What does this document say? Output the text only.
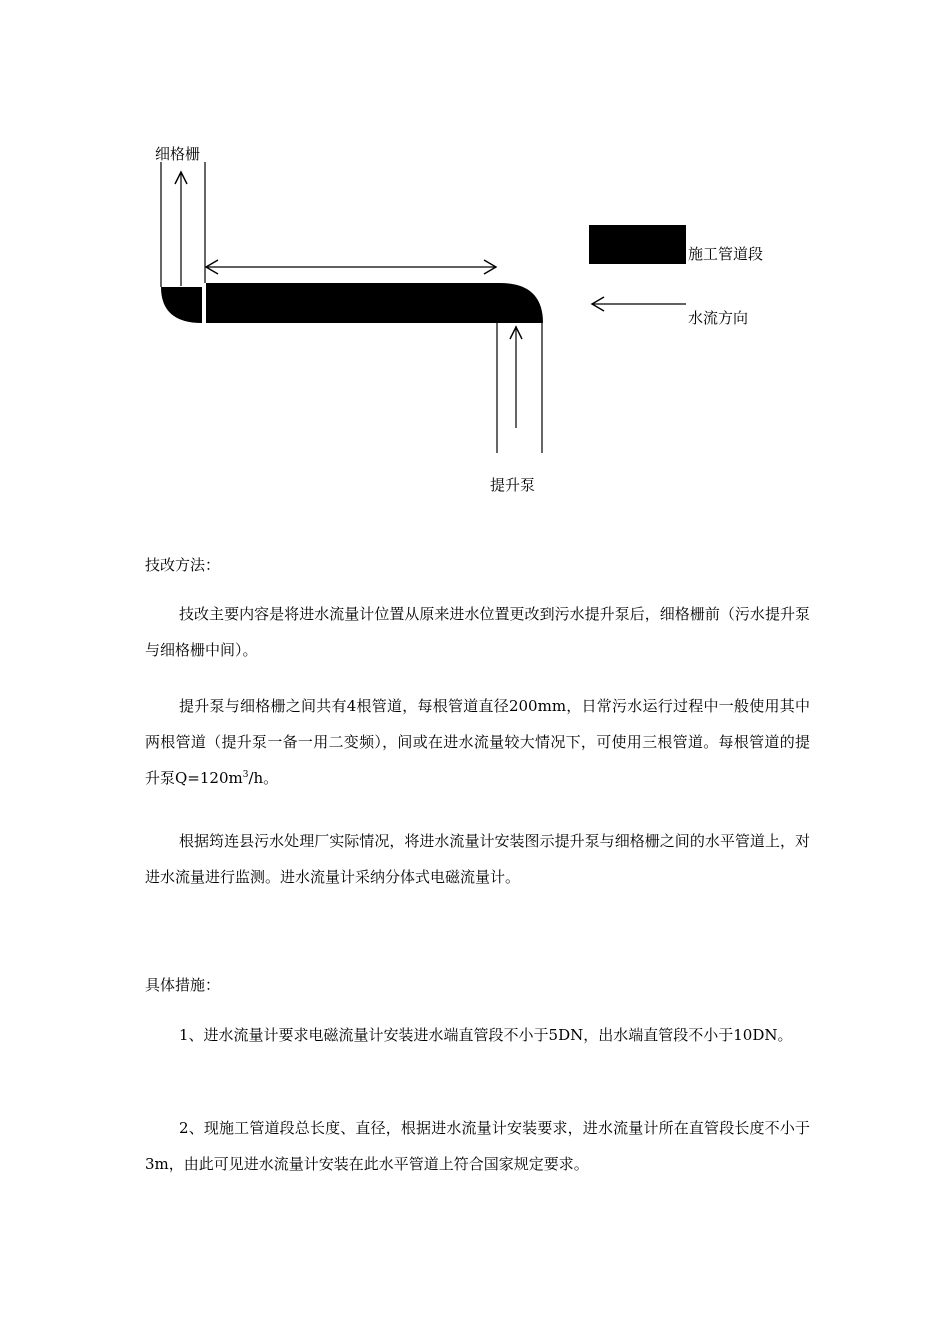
细格栅
施工管道段
水流方向
提升泵
技改方法：
技改主要内容是将进水流量计位置从原来进水位置更改到污水提升泵后，细格栅前（污水提升泵与细格栅中间）。
提升泵与细格栅之间共有4根管道，每根管道直径200mm，日常污水运行过程中一般使用其中两根管道（提升泵一备一用二变频），间或在进水流量较大情况下，可使用三根管道。每根管道的提升泵$Q=120m^3/h$。
根据筠连县污水处理厂实际情况，将进水流量计安装图示提升泵与细格栅之间的水平管道上，对进水流量进行监测。进水流量计采纳分体式电磁流量计。
具体措施：
1、进水流量计要求电磁流量计安装进水端直管段不小于5DN，出水端直管段不小于10DN。
2、现施工管道段总长度、直径，根据进水流量计安装要求，进水流量计所在直管段长度不小于3m，由此可见进水流量计安装在此水平管道上符合国家规定要求。
